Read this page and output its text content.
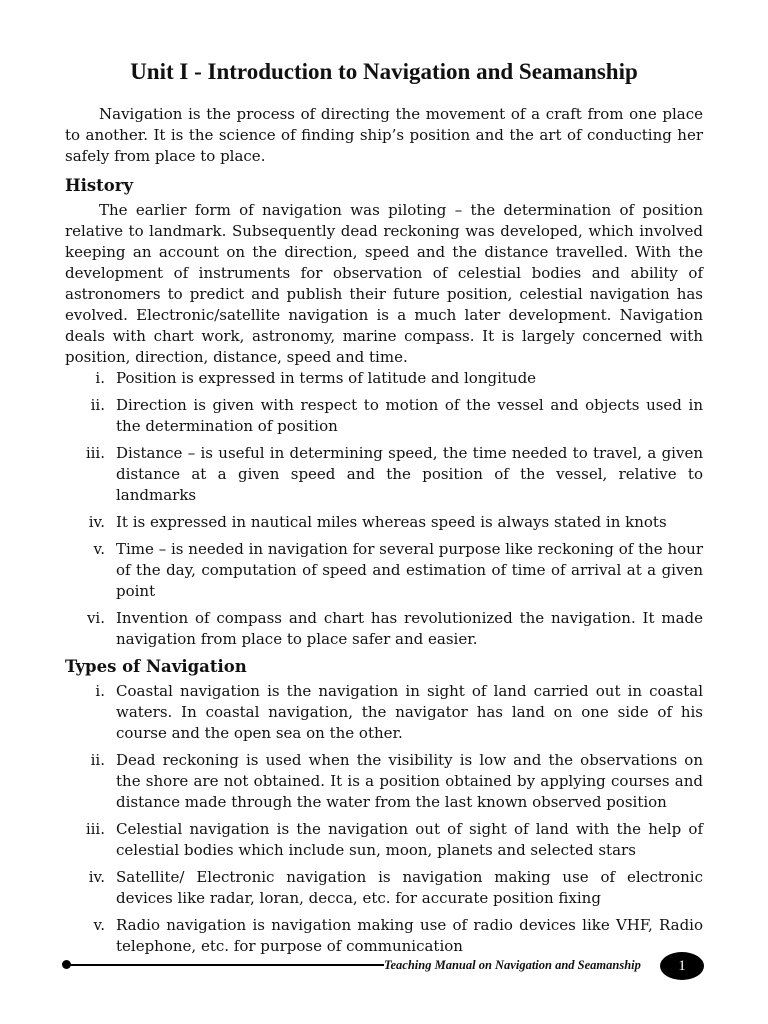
Unit I - Introduction to Navigation and Seamanship

Navigation is the process of directing the movement of a craft from one place to another. It is the science of finding ship’s position and the art of conducting her safely from place to place.

History

The earlier form of navigation was piloting – the determination of position relative to landmark. Subsequently dead reckoning was developed, which involved keeping an account on the direction, speed and the distance travelled. With the development of instruments for observation of celestial bodies and ability of astronomers to predict and publish their future position, celestial navigation has evolved. Electronic/satellite navigation is a much later development. Navigation deals with chart work, astronomy, marine compass. It is largely concerned with position, direction, distance, speed and time.

i. Position is expressed in terms of latitude and longitude
ii. Direction is given with respect to motion of the vessel and objects used in the determination of position
iii. Distance – is useful in determining speed, the time needed to travel, a given distance at a given speed and the position of the vessel, relative to landmarks
iv. It is expressed in nautical miles whereas speed is always stated in knots
v. Time – is needed in navigation for several purpose like reckoning of the hour of the day, computation of speed and estimation of time of arrival at a given point
vi. Invention of compass and chart has revolutionized the navigation. It made navigation from place to place safer and easier.
Types of Navigation
i. Coastal navigation is the navigation in sight of land carried out in coastal waters. In coastal navigation, the navigator has land on one side of his course and the open sea on the other.
ii. Dead reckoning is used when the visibility is low and the observations on the shore are not obtained. It is a position obtained by applying courses and distance made through the water from the last known observed position
iii. Celestial navigation is the navigation out of sight of land with the help of celestial bodies which include sun, moon, planets and selected stars
iv. Satellite/ Electronic navigation is navigation making use of electronic devices like radar, loran, decca, etc. for accurate position fixing
v. Radio navigation is navigation making use of radio devices like VHF, Radio telephone, etc. for purpose of communication
Teaching Manual on Navigation and Seamanship	1
